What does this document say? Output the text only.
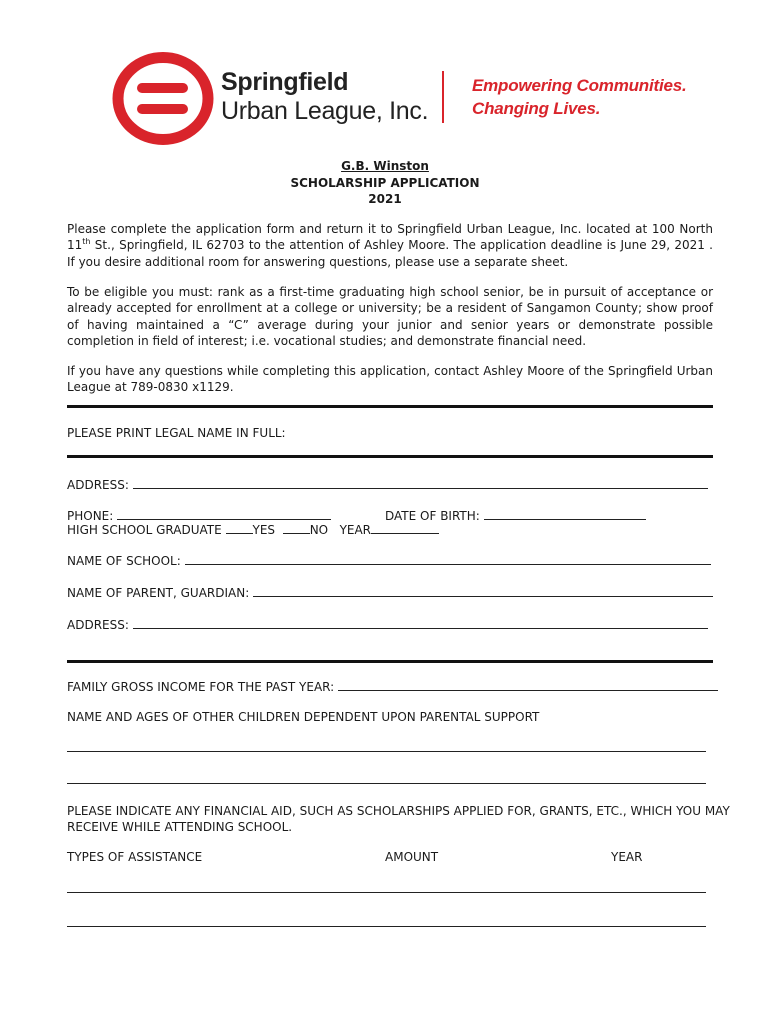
Springfield
Urban League, Inc.
Empowering Communities.
Changing Lives.
G.B. Winston
SCHOLARSHIP APPLICATION
2021
Please complete the application form and return it to Springfield Urban League, Inc. located at 100 North 11th St., Springfield, IL 62703 to the attention of Ashley Moore. The application deadline is June 29, 2021 . If you desire additional room for answering questions, please use a separate sheet.
To be eligible you must: rank as a first-time graduating high school senior, be in pursuit of acceptance or already accepted for enrollment at a college or university; be a resident of Sangamon County; show proof of having maintained a “C” average during your junior and senior years or demonstrate possible completion in field of interest; i.e. vocational studies; and demonstrate financial need.
If you have any questions while completing this application, contact Ashley Moore of the Springfield Urban League at 789-0830 x1129.
PLEASE PRINT LEGAL NAME IN FULL:
ADDRESS:
PHONE:	DATE OF BIRTH:
HIGH SCHOOL GRADUATE	YES	NO YEAR
NAME OF SCHOOL:
NAME OF PARENT, GUARDIAN:
ADDRESS:
FAMILY GROSS INCOME FOR THE PAST YEAR:
NAME AND AGES OF OTHER CHILDREN DEPENDENT UPON PARENTAL SUPPORT
PLEASE INDICATE ANY FINANCIAL AID, SUCH AS SCHOLARSHIPS APPLIED FOR, GRANTS, ETC., WHICH YOU MAY
RECEIVE WHILE ATTENDING SCHOOL.
TYPES OF ASSISTANCE	AMOUNT	YEAR
